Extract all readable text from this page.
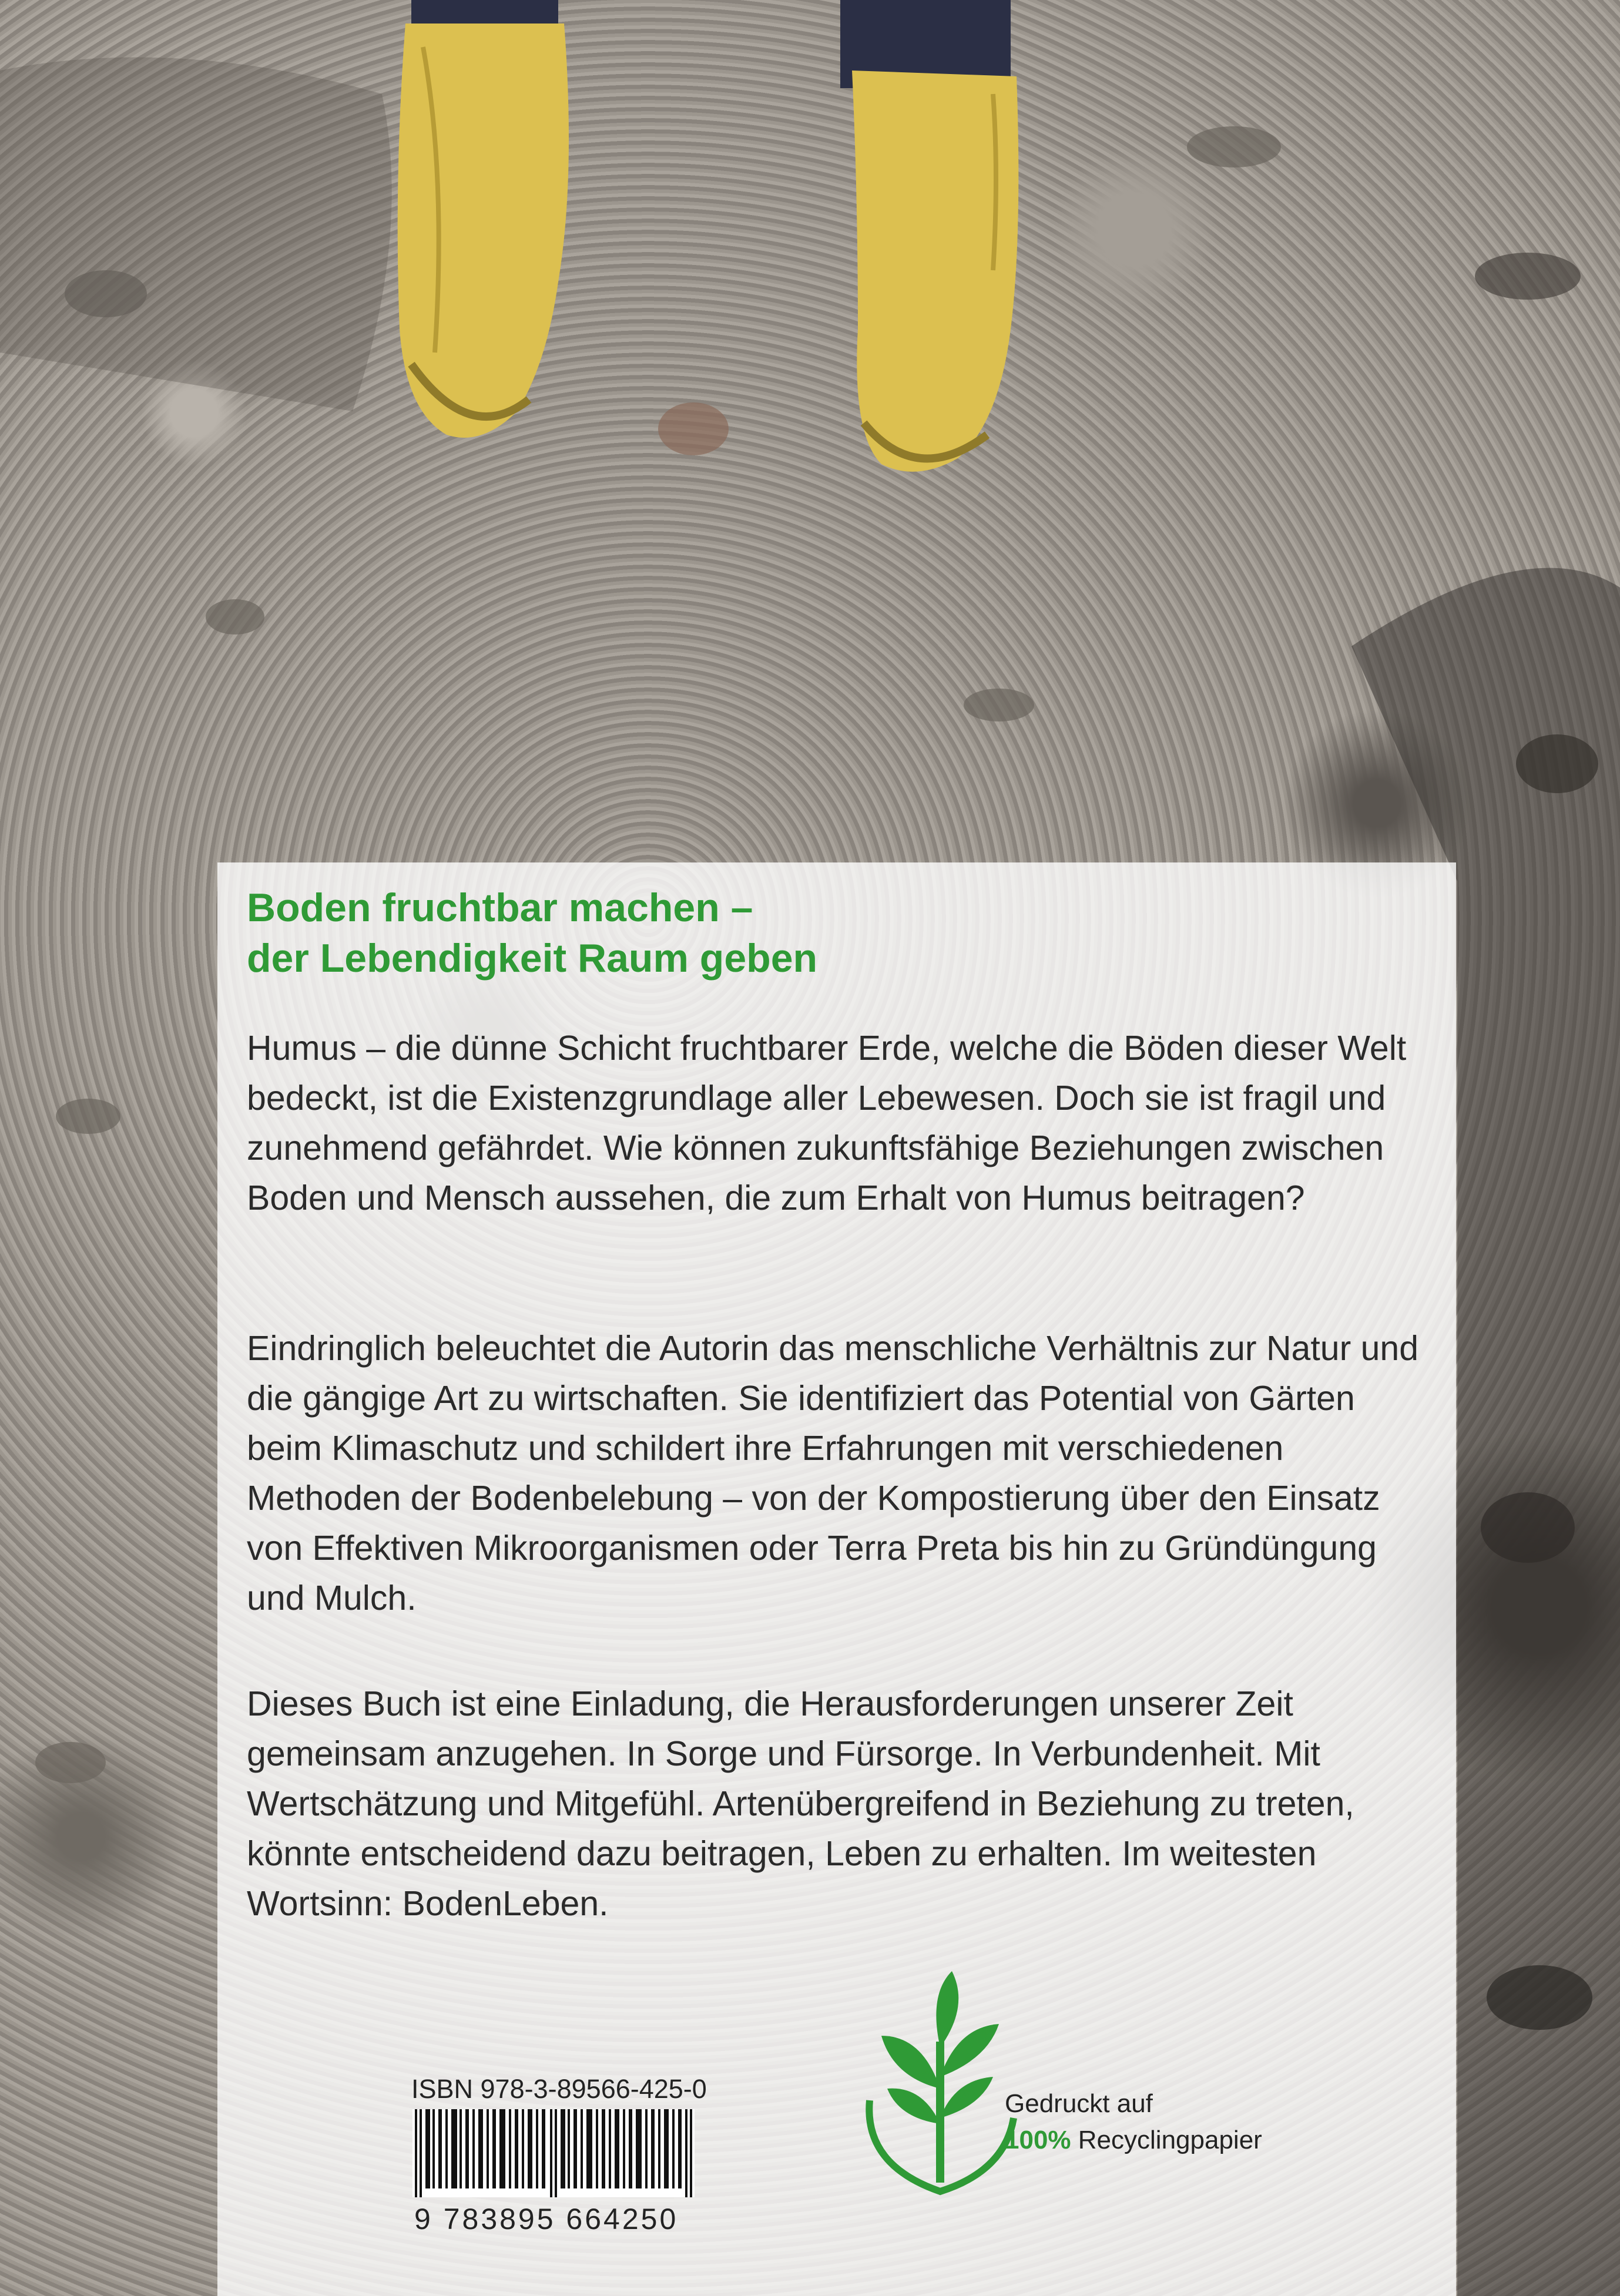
Boden fruchtbar machen –
der Lebendigkeit Raum geben

Humus – die dünne Schicht fruchtbarer Erde, welche die Böden dieser Welt bedeckt, ist die Existenzgrundlage aller Lebewesen. Doch sie ist fragil und zunehmend gefährdet. Wie können zukunftsfähige Beziehungen zwischen Boden und Mensch aussehen, die zum Erhalt von Humus beitragen?

Eindringlich beleuchtet die Autorin das menschliche Verhältnis zur Natur und die gängige Art zu wirtschaften. Sie identifiziert das Potential von Gärten beim Klimaschutz und schildert ihre Erfahrungen mit verschiedenen Methoden der Bodenbelebung – von der Kompostierung über den Einsatz von Effektiven Mikroorganismen oder Terra Preta bis hin zu Gründüngung und Mulch.

Dieses Buch ist eine Einladung, die Herausforderungen unserer Zeit gemeinsam anzugehen. In Sorge und Fürsorge. In Verbundenheit. Mit Wertschätzung und Mitgefühl. Artenübergreifend in Beziehung zu treten, könnte entscheidend dazu beitragen, Leben zu erhalten. Im weitesten Wortsinn: BodenLeben.

ISBN 978-3-89566-425-0
9 783895 664250
Gedruckt auf
100% Recyclingpapier
